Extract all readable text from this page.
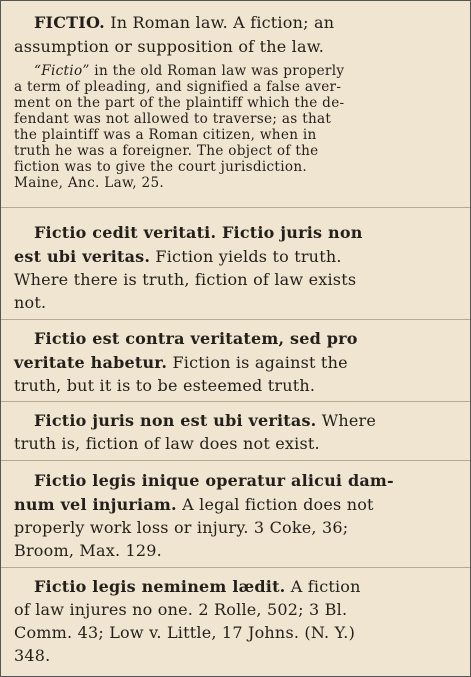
FICTIO. In Roman law. A fiction; an
assumption or supposition of the law.
“Fictio” in the old Roman law was properly
a term of pleading, and signified a false aver-
ment on the part of the plaintiff which the de-
fendant was not allowed to traverse; as that
the plaintiff was a Roman citizen, when in
truth he was a foreigner. The object of the
fiction was to give the court jurisdiction.
Maine, Anc. Law, 25.
Fictio cedit veritati. Fictio juris non
est ubi veritas. Fiction yields to truth.
Where there is truth, fiction of law exists
not.
Fictio est contra veritatem, sed pro
veritate habetur. Fiction is against the
truth, but it is to be esteemed truth.
Fictio juris non est ubi veritas. Where
truth is, fiction of law does not exist.
Fictio legis inique operatur alicui dam-
num vel injuriam. A legal fiction does not
properly work loss or injury. 3 Coke, 36;
Broom, Max. 129.
Fictio legis neminem lædit. A fiction
of law injures no one. 2 Rolle, 502; 3 Bl.
Comm. 43; Low v. Little, 17 Johns. (N. Y.)
348.
